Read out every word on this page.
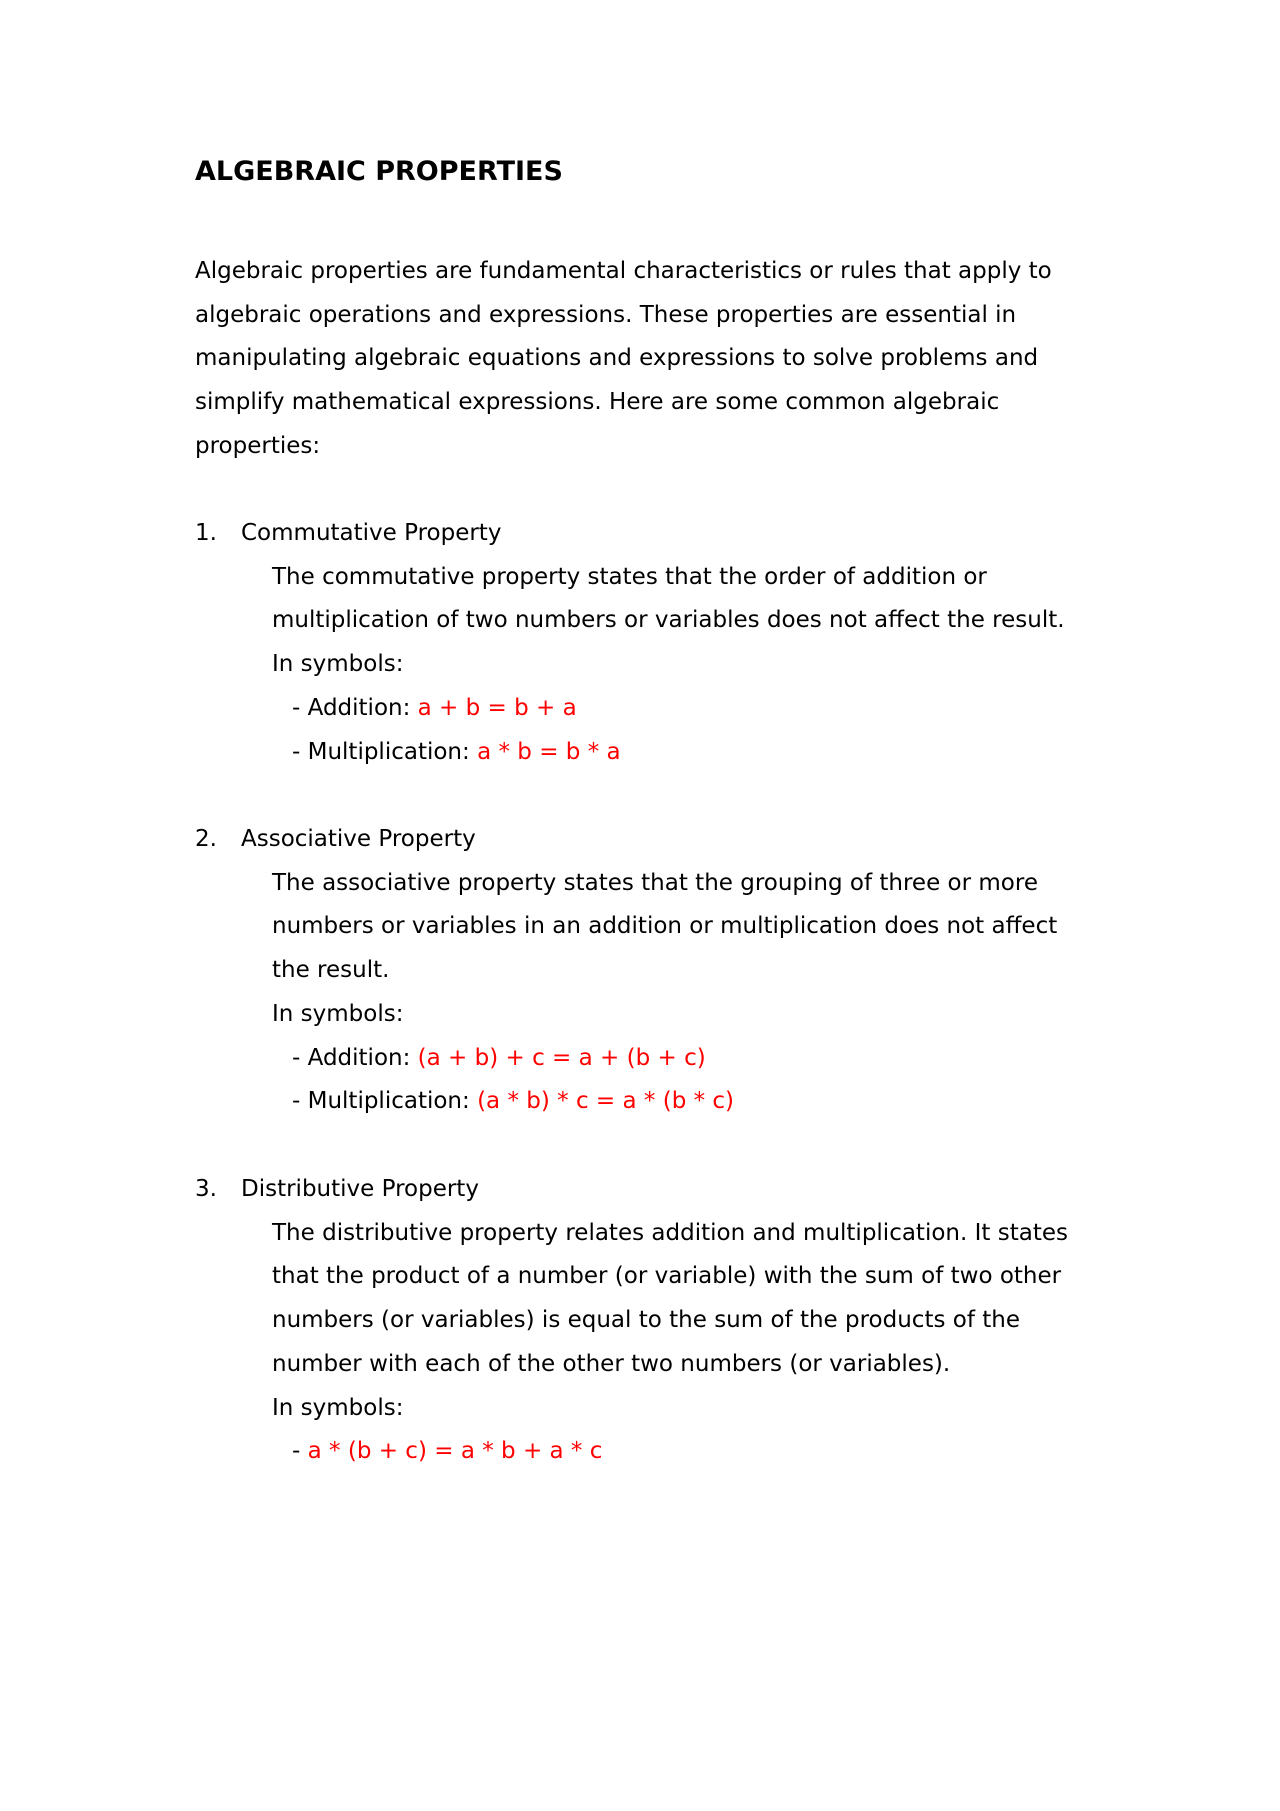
ALGEBRAIC PROPERTIES

Algebraic properties are fundamental characteristics or rules that apply to algebraic operations and expressions. These properties are essential in manipulating algebraic equations and expressions to solve problems and simplify mathematical expressions. Here are some common algebraic properties:

1.	Commutative Property
The commutative property states that the order of addition or multiplication of two numbers or variables does not affect the result.
In symbols:
- Addition: a + b = b + a
- Multiplication: a * b = b * a
2.	Associative Property
The associative property states that the grouping of three or more numbers or variables in an addition or multiplication does not affect the result.
In symbols:
- Addition: (a + b) + c = a + (b + c)
- Multiplication: (a * b) * c = a * (b * c)
3.	Distributive Property
The distributive property relates addition and multiplication. It states that the product of a number (or variable) with the sum of two other numbers (or variables) is equal to the sum of the products of the number with each of the other two numbers (or variables).
In symbols:
- a * (b + c) = a * b + a * c
